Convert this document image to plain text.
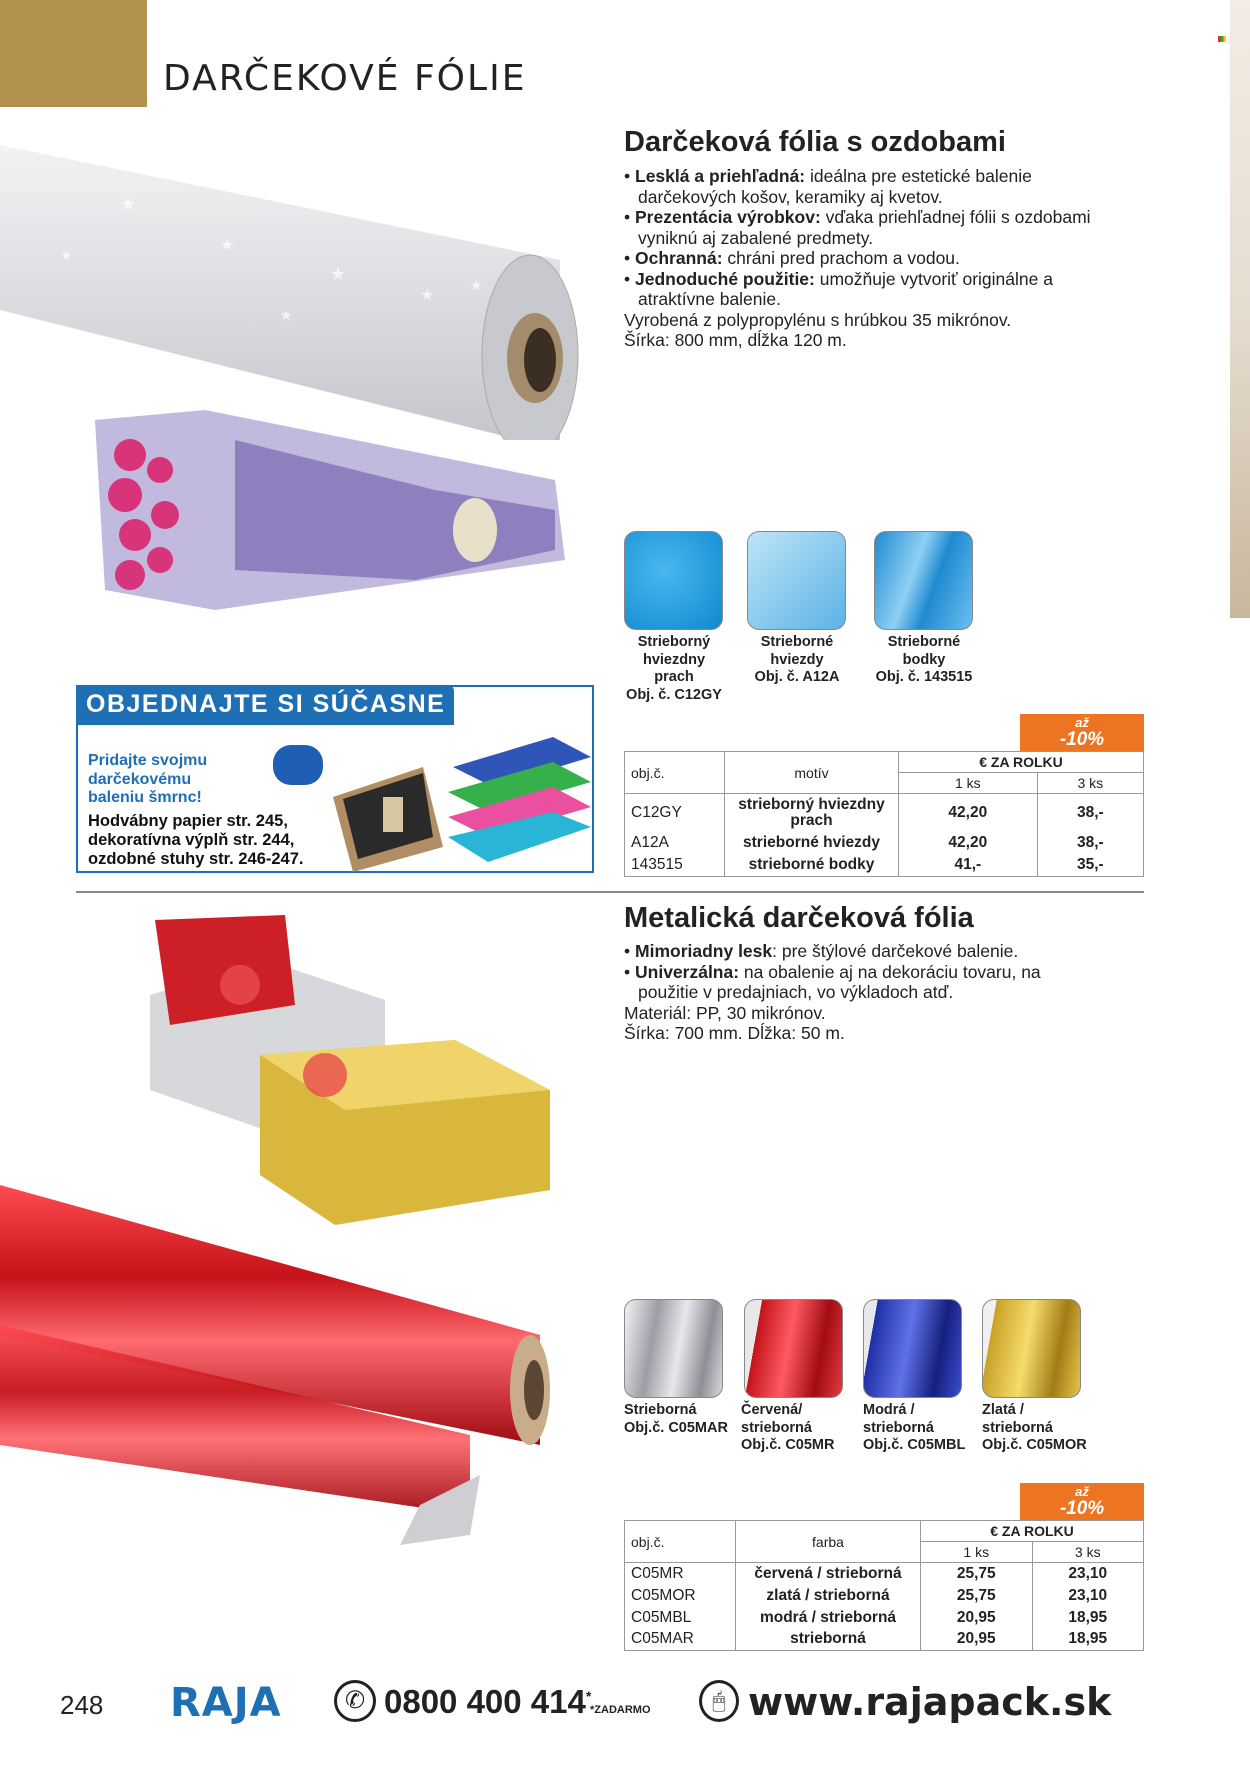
DARČEKOVÉ FÓLIE
★
★
★
★
★
★
★
Darčeková fólia s ozdobami
• Lesklá a priehľadná: ideálna pre estetické balenie darčekových košov, keramiky aj kvetov.
• Prezentácia výrobkov: vďaka priehľadnej fólii s ozdobami vyniknú aj zabalené predmety.
• Ochranná: chráni pred prachom a vodou.
• Jednoduché použitie: umožňuje vytvoriť originálne a atraktívne balenie.
Vyrobená z polypropylénu s hrúbkou 35 mikrónov.
Šírka: 800 mm, dĺžka 120 m.
Strieborný
hviezdny
prach
Obj. č. C12GY
Strieborné
hviezdy
Obj. č. A12A
Strieborné
bodky
Obj. č. 143515
až
-10%
obj.č.	motív	€ ZA ROLKU	
		1 ks	3 ks
C12GY	strieborný hviezdny prach	42,20	38,-
A12A	strieborné hviezdy	42,20	38,-
143515	strieborné bodky	41,-	35,-
OBJEDNAJTE SI SÚČASNE
Pridajte svojmu
darčekovému
baleniu šmrnc!
Hodvábny papier str. 245,
dekoratívna výplň str. 244,
ozdobné stuhy str. 246-247.
Metalická darčeková fólia
• Mimoriadny lesk: pre štýlové darčekové balenie.
• Univerzálna: na obalenie aj na dekoráciu tovaru, na použitie v predajniach, vo výkladoch atď.
Materiál: PP, 30 mikrónov.
Šírka: 700 mm. Dĺžka: 50 m.
Strieborná
Obj.č. C05MAR
Červená/
strieborná
Obj.č. C05MR
Modrá /
strieborná
Obj.č. C05MBL
Zlatá /
strieborná
Obj.č. C05MOR
až
-10%
obj.č.	farba	€ ZA ROLKU	
		1 ks	3 ks
C05MR	červená / strieborná	25,75	23,10
C05MOR	zlatá / strieborná	25,75	23,10
C05MBL	modrá / strieborná	20,95	18,95
C05MAR	strieborná	20,95	18,95
248 RAJA	✆ 0800 400 414*
*ZADARMO	🖱 www.rajapack.sk
